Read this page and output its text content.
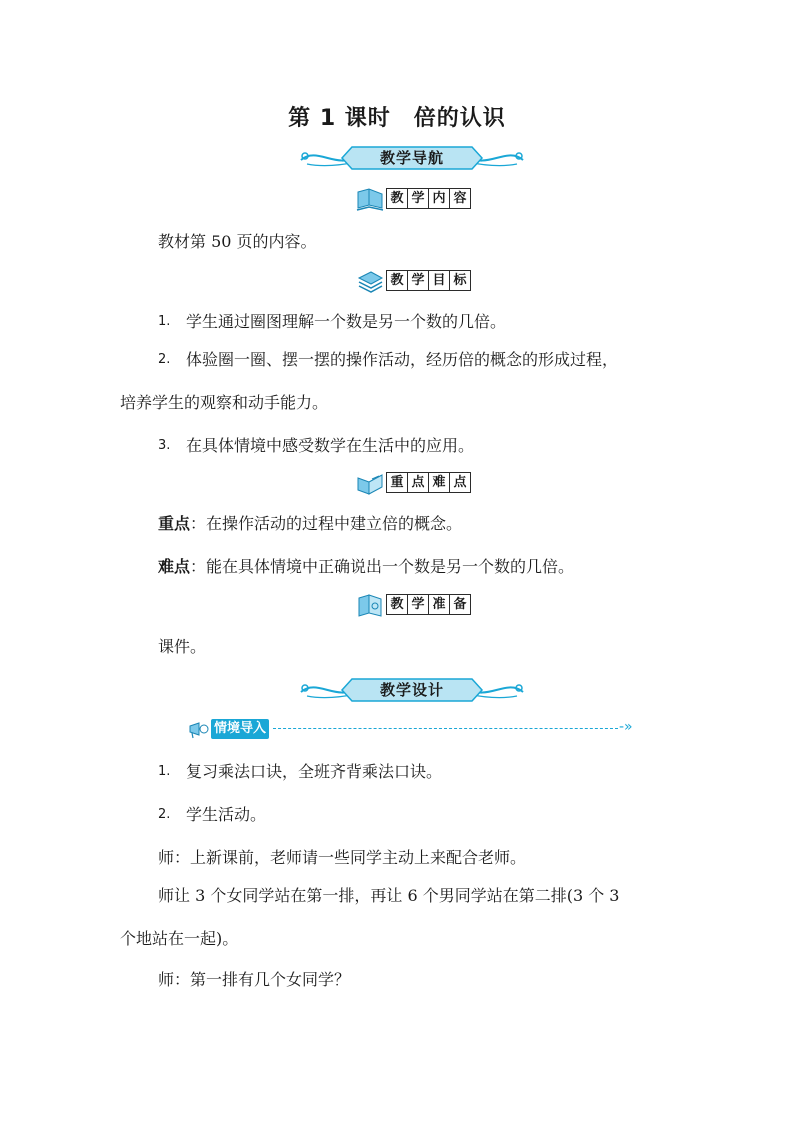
第 1 课时　倍的认识
教学导航
教 学 内 容
教材第 50 页的内容。
教 学 目 标
1. 学生通过圈图理解一个数是另一个数的几倍。
2. 体验圈一圈、摆一摆的操作活动，经历倍的概念的形成过程，
培养学生的观察和动手能力。
3. 在具体情境中感受数学在生活中的应用。
重 点 难 点
重点：在操作活动的过程中建立倍的概念。
难点：能在具体情境中正确说出一个数是另一个数的几倍。
教 学 准 备
课件。
教学设计
情境导入	-»
1. 复习乘法口诀，全班齐背乘法口诀。
2. 学生活动。
师：上新课前，老师请一些同学主动上来配合老师。
师让 3 个女同学站在第一排，再让 6 个男同学站在第二排(3 个 3
个地站在一起)。
师：第一排有几个女同学？
